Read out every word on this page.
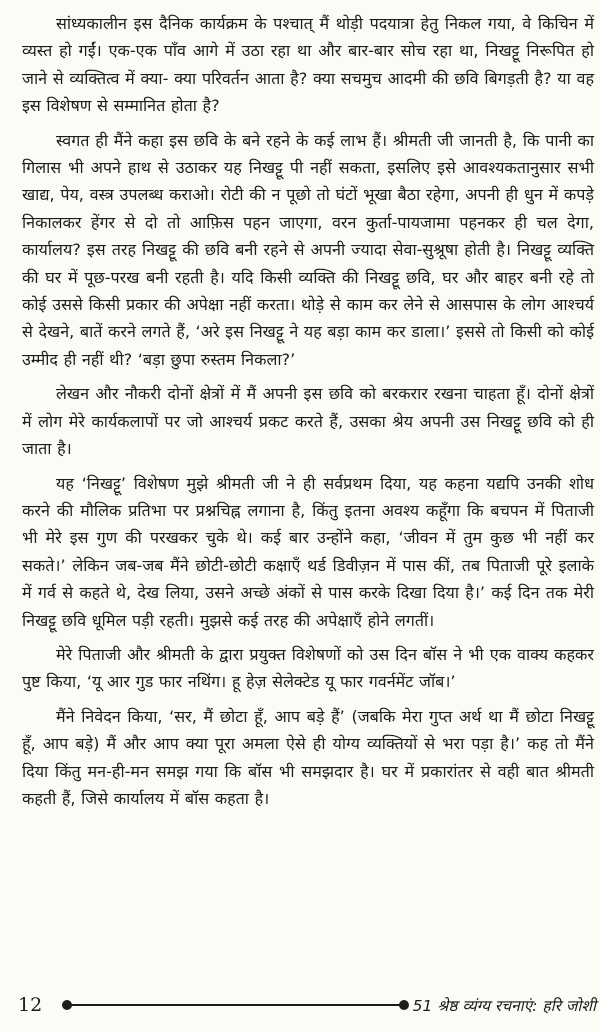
सांध्यकालीन इस दैनिक कार्यक्रम के पश्चात् मैं थोड़ी पदयात्रा हेतु निकल गया, वे किचिन में व्यस्त हो गईं। एक-एक पाँव आगे में उठा रहा था और बार-बार सोच रहा था, निखट्टू निरूपित हो जाने से व्यक्तित्व में क्या- क्या परिवर्तन आता है? क्या सचमुच आदमी की छवि बिगड़ती है? या वह इस विशेषण से सम्मानित होता है?

स्वगत ही मैंने कहा इस छवि के बने रहने के कई लाभ हैं। श्रीमती जी जानती है, कि पानी का गिलास भी अपने हाथ से उठाकर यह निखट्टू पी नहीं सकता, इसलिए इसे आवश्यकतानुसार सभी खाद्य, पेय, वस्त्र उपलब्ध कराओ। रोटी की न पूछो तो घंटों भूखा बैठा रहेगा, अपनी ही धुन में कपड़े निकालकर हेंगर से दो तो आफ़िस पहन जाएगा, वरन कुर्ता-पायजामा पहनकर ही चल देगा, कार्यालय? इस तरह निखट्टू की छवि बनी रहने से अपनी ज्यादा सेवा-सुश्रूषा होती है। निखट्टू व्यक्ति की घर में पूछ-परख बनी रहती है। यदि किसी व्यक्ति की निखट्टू छवि, घर और बाहर बनी रहे तो कोई उससे किसी प्रकार की अपेक्षा नहीं करता। थोड़े से काम कर लेने से आसपास के लोग आश्चर्य से देखने, बातें करने लगते हैं, ‘अरे इस निखट्टू ने यह बड़ा काम कर डाला।’ इससे तो किसी को कोई उम्मीद ही नहीं थी? ‘बड़ा छुपा रुस्तम निकला?’

लेखन और नौकरी दोनों क्षेत्रों में मैं अपनी इस छवि को बरकरार रखना चाहता हूँ। दोनों क्षेत्रों में लोग मेरे कार्यकलापों पर जो आश्चर्य प्रकट करते हैं, उसका श्रेय अपनी उस निखट्टू छवि को ही जाता है।

यह ‘निखट्टू’ विशेषण मुझे श्रीमती जी ने ही सर्वप्रथम दिया, यह कहना यद्यपि उनकी शोध करने की मौलिक प्रतिभा पर प्रश्नचिह्न लगाना है, किंतु इतना अवश्य कहूँगा कि बचपन में पिताजी भी मेरे इस गुण की परखकर चुके थे। कई बार उन्होंने कहा, ‘जीवन में तुम कुछ भी नहीं कर सकते।’ लेकिन जब-जब मैंने छोटी-छोटी कक्षाएँ थर्ड डिवीज़न में पास कीं, तब पिताजी पूरे इलाके में गर्व से कहते थे, देख लिया, उसने अच्छे अंकों से पास करके दिखा दिया है।’ कई दिन तक मेरी निखट्टू छवि धूमिल पड़ी रहती। मुझसे कई तरह की अपेक्षाएँ होने लगतीं।

मेरे पिताजी और श्रीमती के द्वारा प्रयुक्त विशेषणों को उस दिन बॉस ने भी एक वाक्य कहकर पुष्ट किया, ‘यू आर गुड फार नथिंग। हू हेज़ सेलेक्टेड यू फार गवर्नमेंट जॉब।’

मैंने निवेदन किया, ‘सर, मैं छोटा हूँ, आप बड़े हैं’ (जबकि मेरा गुप्त अर्थ था मैं छोटा निखट्टू हूँ, आप बड़े) मैं और आप क्या पूरा अमला ऐसे ही योग्य व्यक्तियों से भरा पड़ा है।’ कह तो मैंने दिया किंतु मन-ही-मन समझ गया कि बॉस भी समझदार है। घर में प्रकारांतर से वही बात श्रीमती कहती हैं, जिसे कार्यालय में बॉस कहता है।

12	51 श्रेष्ठ व्यंग्य रचनाएं: हरि जोशी
